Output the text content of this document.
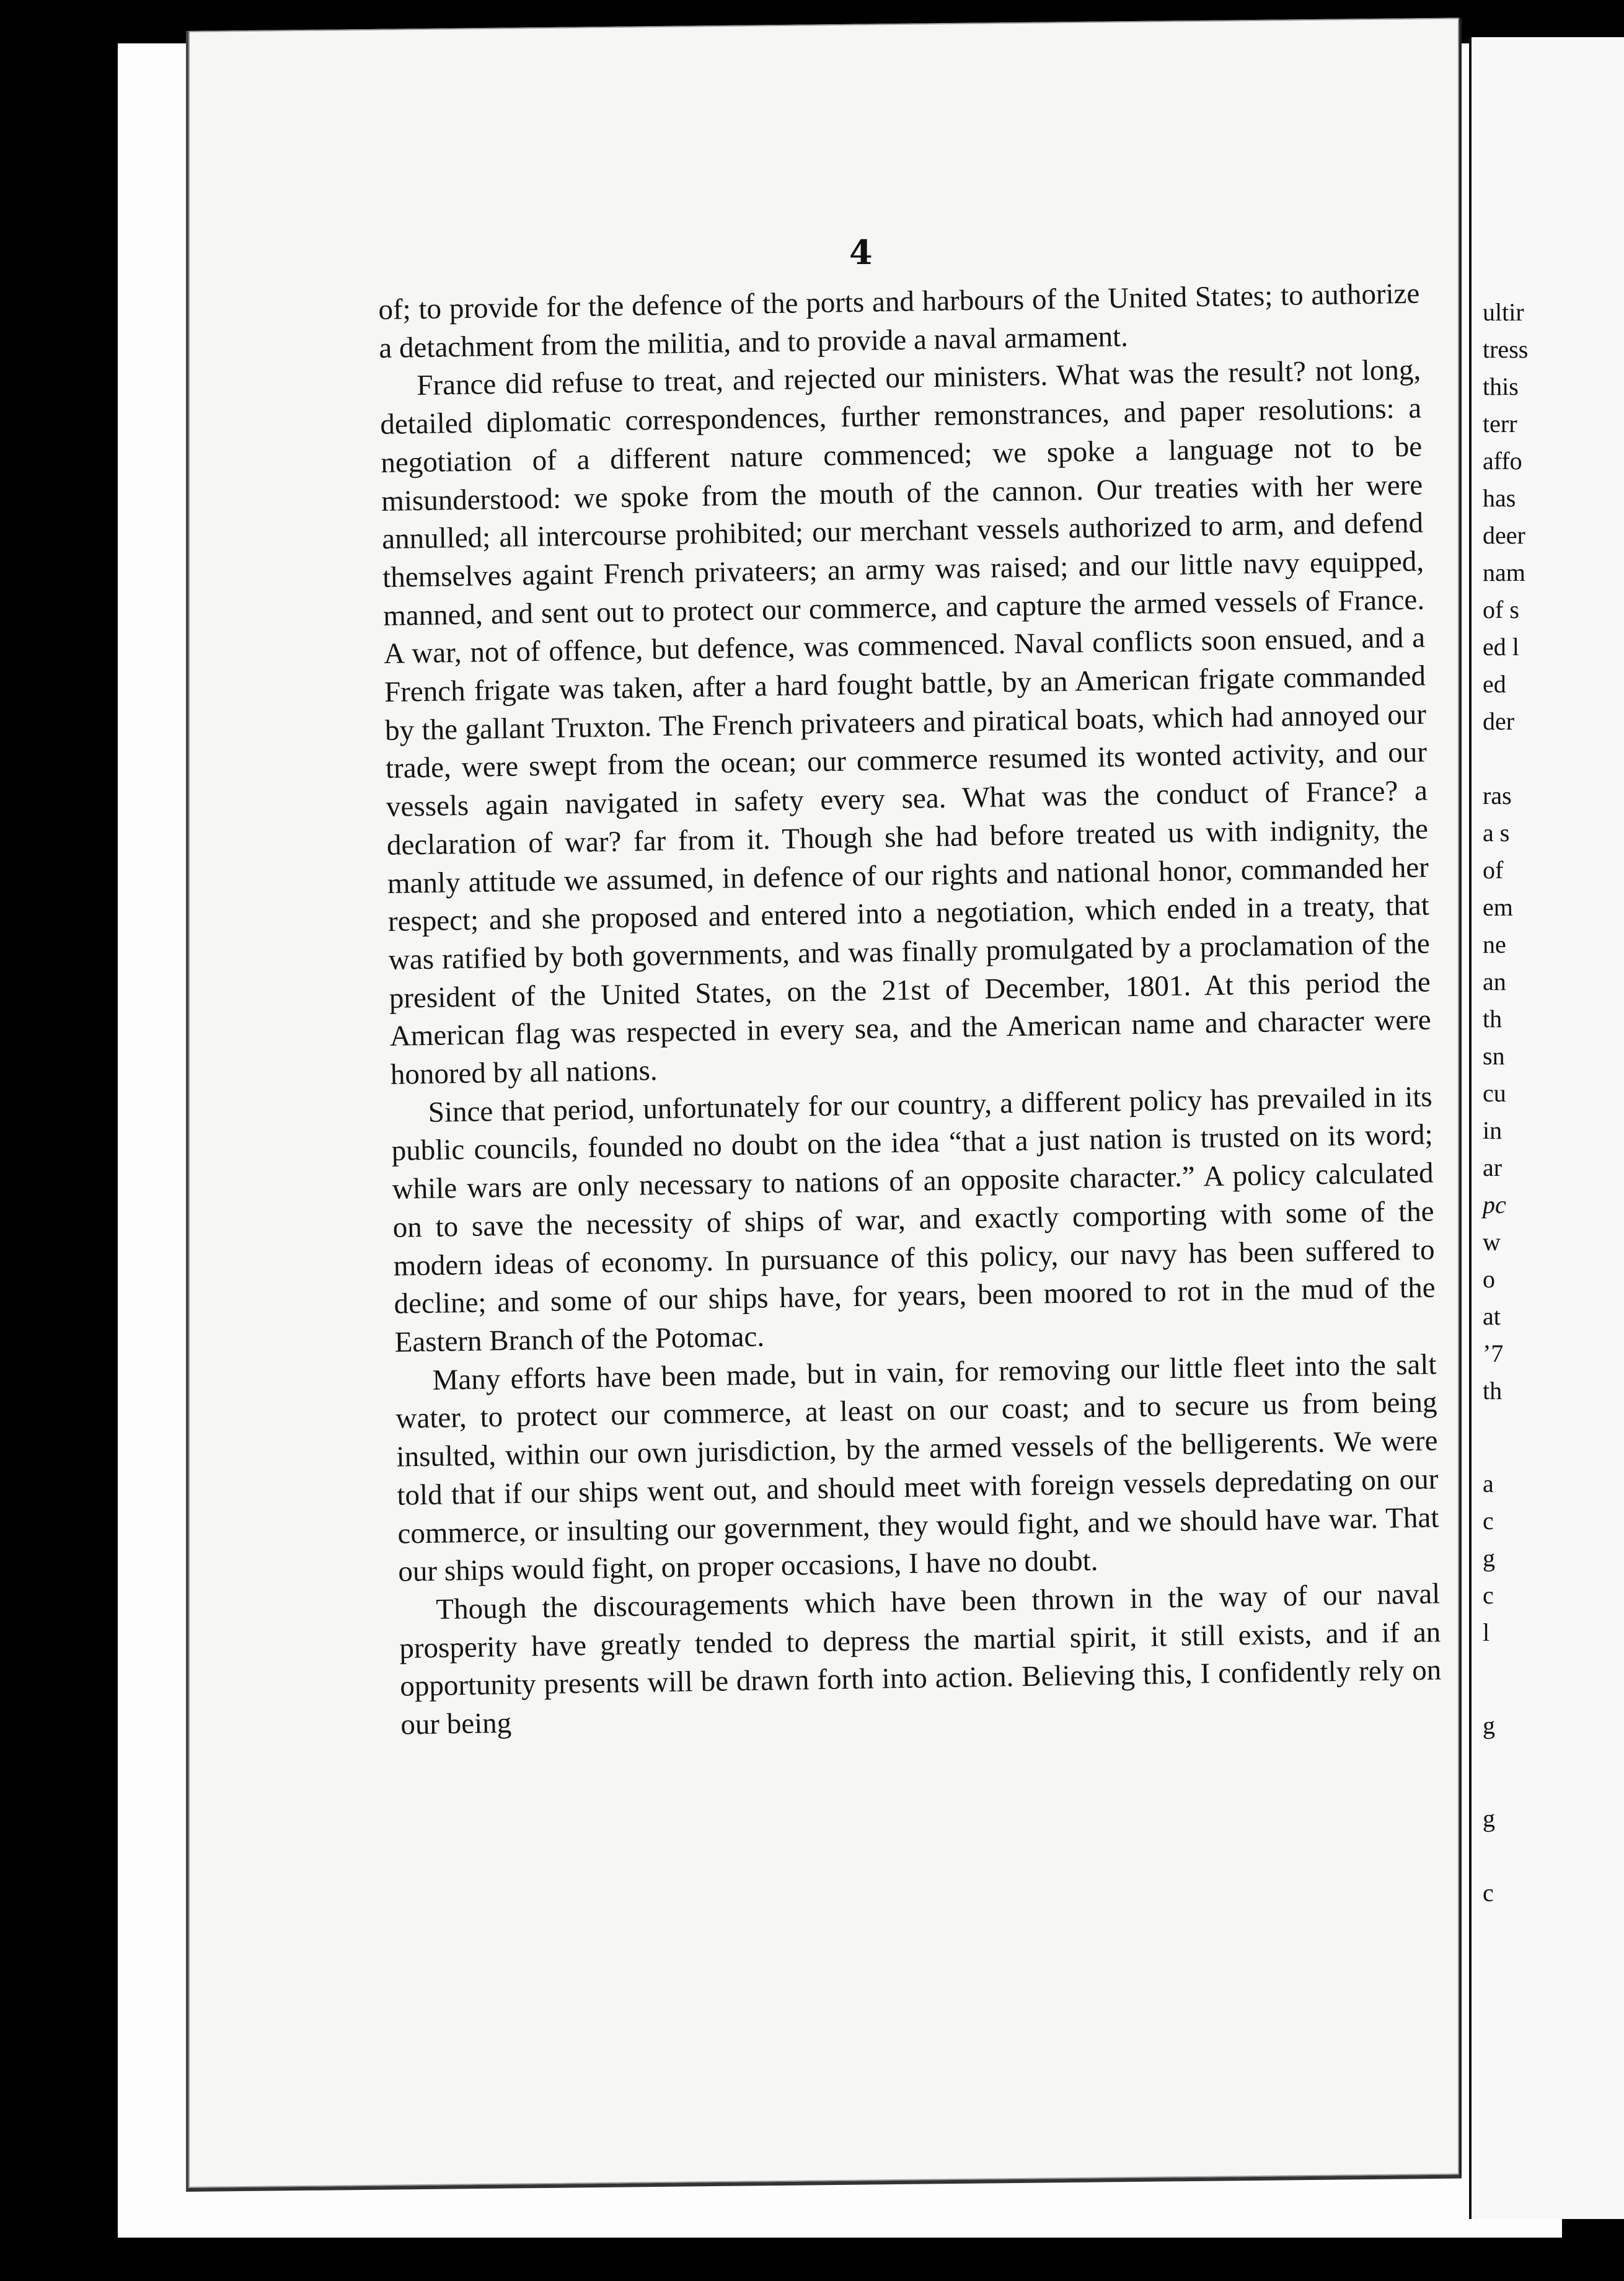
4

of; to provide for the defence of the ports and harbours of the United States; to authorize a detachment from the militia, and to provide a naval armament.

France did refuse to treat, and rejected our ministers. What was the result? not long, detailed diplomatic correspondences, further remonstrances, and paper resolutions: a negotiation of a different nature commenced; we spoke a language not to be misunderstood: we spoke from the mouth of the cannon. Our treaties with her were annulled; all intercourse prohibited; our merchant vessels authorized to arm, and defend themselves againt French privateers; an army was raised; and our little navy equipped, manned, and sent out to protect our commerce, and capture the armed vessels of France. A war, not of offence, but defence, was commenced. Naval conflicts soon ensued, and a French frigate was taken, after a hard fought battle, by an American frigate commanded by the gallant Truxton. The French privateers and piratical boats, which had annoyed our trade, were swept from the ocean; our commerce resumed its wonted activity, and our vessels again navigated in safety every sea. What was the conduct of France? a declaration of war? far from it. Though she had before treated us with indignity, the manly attitude we assumed, in defence of our rights and national honor, commanded her respect; and she proposed and entered into a negotiation, which ended in a treaty, that was ratified by both governments, and was finally promulgated by a proclamation of the president of the United States, on the 21st of December, 1801. At this period the American flag was respected in every sea, and the American name and character were honored by all nations.

Since that period, unfortunately for our country, a different policy has prevailed in its public councils, founded no doubt on the idea “that a just nation is trusted on its word; while wars are only necessary to nations of an opposite character.” A policy calculated on to save the necessity of ships of war, and exactly comporting with some of the modern ideas of economy. In pursuance of this policy, our navy has been suffered to decline; and some of our ships have, for years, been moored to rot in the mud of the Eastern Branch of the Potomac.

Many efforts have been made, but in vain, for removing our little fleet into the salt water, to protect our commerce, at least on our coast; and to secure us from being insulted, within our own jurisdiction, by the armed vessels of the belligerents. We were told that if our ships went out, and should meet with foreign vessels depredating on our commerce, or insulting our government, they would fight, and we should have war. That our ships would fight, on proper occasions, I have no doubt.

Though the discouragements which have been thrown in the way of our naval prosperity have greatly tended to depress the martial spirit, it still exists, and if an opportunity presents will be drawn forth into action. Believing this, I confidently rely on our being

ultir
tress
this
terr
affo
has
deer
nam
of s
ed l
ed
der
ras
a s
of
em
ne
an
th
sn
cu
in
ar
pc
w
o
at
’7
th
a
c
g
c
l
g
g
c
